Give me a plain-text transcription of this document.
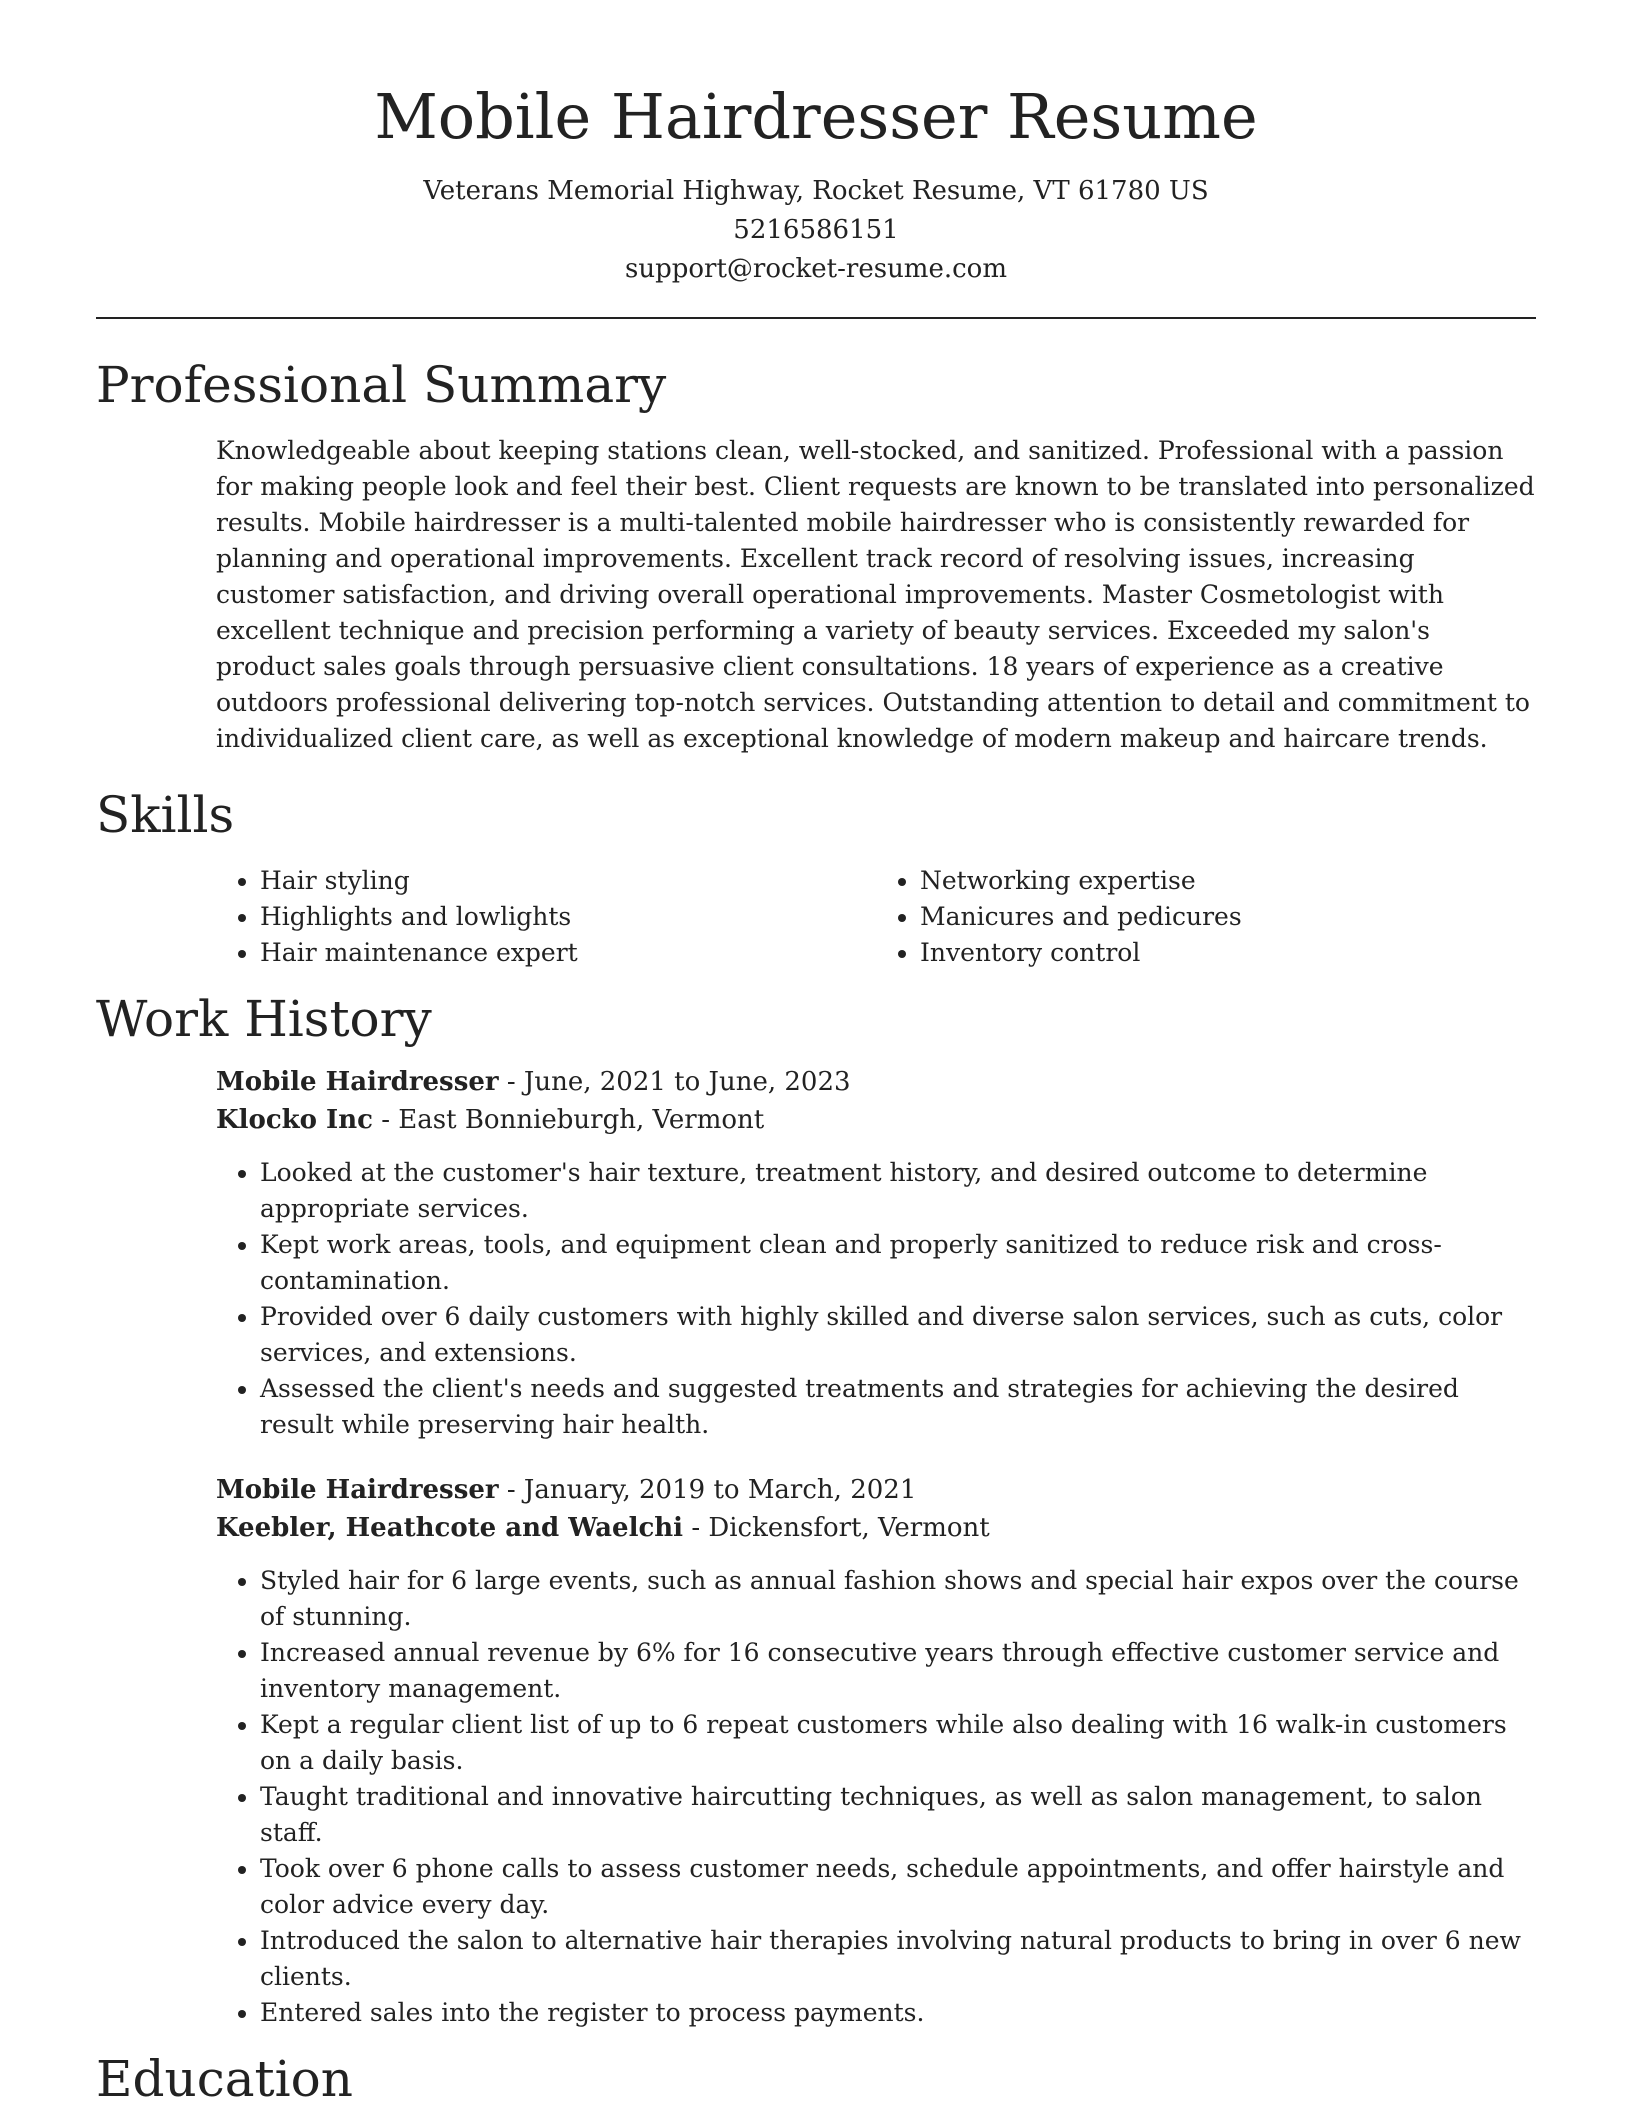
Mobile Hairdresser Resume
Veterans Memorial Highway, Rocket Resume, VT 61780 US
5216586151
support@rocket-resume.com
Professional Summary

Knowledgeable about keeping stations clean, well-stocked, and sanitized. Professional with a passion for making people look and feel their best. Client requests are known to be translated into personalized results. Mobile hairdresser is a multi-talented mobile hairdresser who is consistently rewarded for planning and operational improvements. Excellent track record of resolving issues, increasing customer satisfaction, and driving overall operational improvements. Master Cosmetologist with excellent technique and precision performing a variety of beauty services. Exceeded my salon's product sales goals through persuasive client consultations. 18 years of experience as a creative outdoors professional delivering top-notch services. Outstanding attention to detail and commitment to individualized client care, as well as exceptional knowledge of modern makeup and haircare trends.

Skills
• Hair styling
• Highlights and lowlights
• Hair maintenance expert
• Networking expertise
• Manicures and pedicures
• Inventory control
Work History
Mobile Hairdresser - June, 2021 to June, 2023
Klocko Inc - East Bonnieburgh, Vermont
• Looked at the customer's hair texture, treatment history, and desired outcome to determine appropriate services.
• Kept work areas, tools, and equipment clean and properly sanitized to reduce risk and cross-contamination.
• Provided over 6 daily customers with highly skilled and diverse salon services, such as cuts, color services, and extensions.
• Assessed the client's needs and suggested treatments and strategies for achieving the desired result while preserving hair health.
Mobile Hairdresser - January, 2019 to March, 2021
Keebler, Heathcote and Waelchi - Dickensfort, Vermont
• Styled hair for 6 large events, such as annual fashion shows and special hair expos over the course of stunning.
• Increased annual revenue by 6% for 16 consecutive years through effective customer service and inventory management.
• Kept a regular client list of up to 6 repeat customers while also dealing with 16 walk-in customers on a daily basis.
• Taught traditional and innovative haircutting techniques, as well as salon management, to salon staff.
• Took over 6 phone calls to assess customer needs, schedule appointments, and offer hairstyle and color advice every day.
• Introduced the salon to alternative hair therapies involving natural products to bring in over 6 new clients.
• Entered sales into the register to process payments.
Education
